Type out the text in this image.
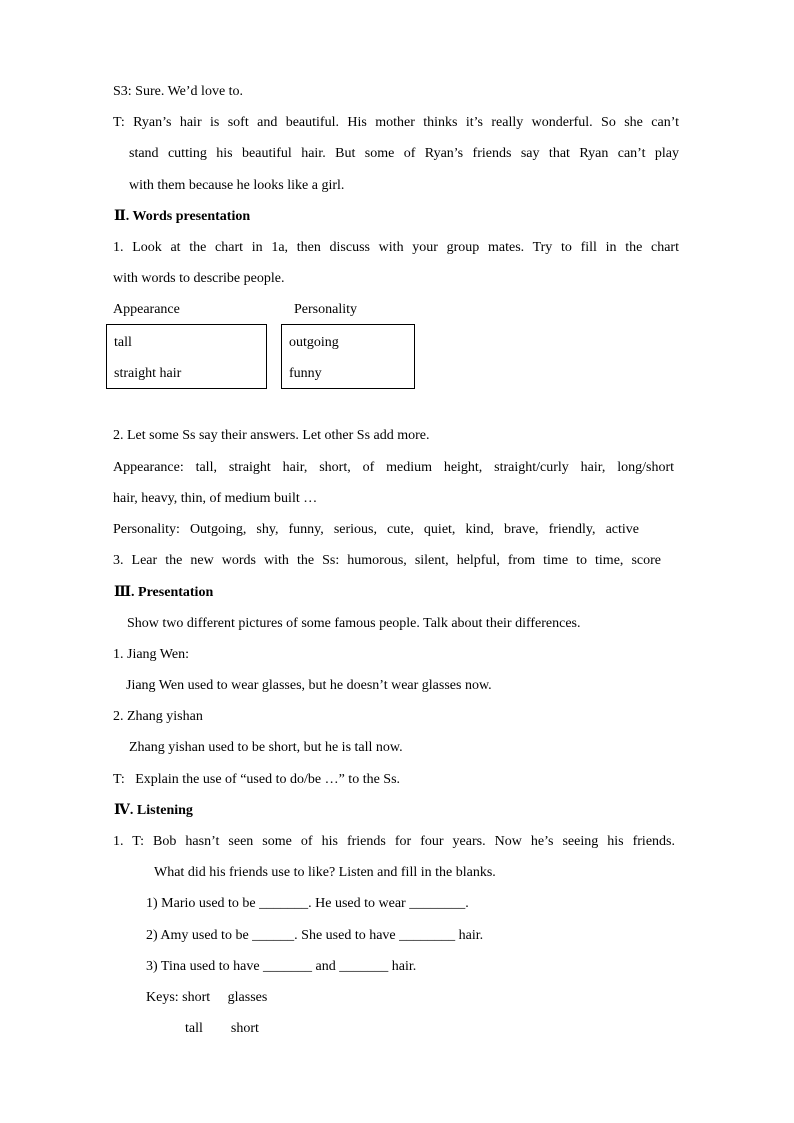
S3: Sure. We’d love to.
T: Ryan’s hair is soft and beautiful. His mother thinks it’s really wonderful. So she can’t
stand cutting his beautiful hair. But some of Ryan’s friends say that Ryan can’t play
with them because he looks like a girl.
Ⅱ. Words presentation
1. Look at the chart in 1a, then discuss with your group mates. Try to fill in the chart
with words to describe people.
Appearance	Personality
tall
straight hair
outgoing
funny
2. Let some Ss say their answers. Let other Ss add more.
Appearance: tall, straight hair, short, of medium height, straight/curly hair, long/short
hair, heavy, thin, of medium built …
Personality: Outgoing, shy, funny, serious, cute, quiet, kind, brave, friendly, active
3. Lear the new words with the Ss: humorous, silent, helpful, from time to time, score
Ⅲ. Presentation
Show two different pictures of some famous people. Talk about their differences.
1. Jiang Wen:
Jiang Wen used to wear glasses, but he doesn’t wear glasses now.
2. Zhang yishan
Zhang yishan used to be short, but he is tall now.
T:   Explain the use of “used to do/be …” to the Ss.
Ⅳ. Listening
1. T: Bob hasn’t seen some of his friends for four years. Now he’s seeing his friends.
What did his friends use to like? Listen and fill in the blanks.
1) Mario used to be _______. He used to wear ________.
2) Amy used to be ______. She used to have ________ hair.
3) Tina used to have _______ and _______ hair.
Keys: short     glasses
tall        short
